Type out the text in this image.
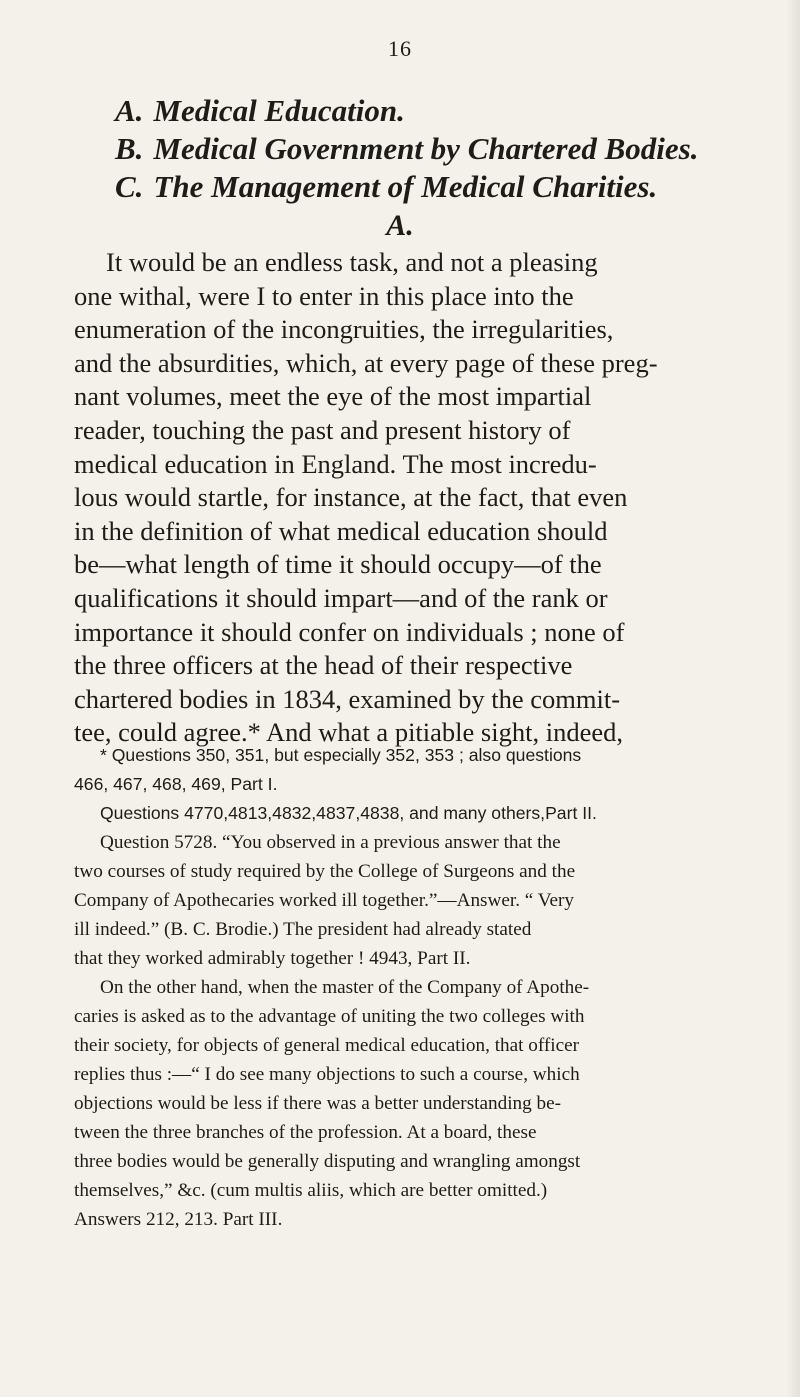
16
A. Medical Education.
B. Medical Government by Chartered Bodies.
C. The Management of Medical Charities.
A.
It would be an endless task, and not a pleasing
one withal, were I to enter in this place into the
enumeration of the incongruities, the irregularities,
and the absurdities, which, at every page of these preg-
nant volumes, meet the eye of the most impartial
reader, touching the past and present history of
medical education in England. The most incredu-
lous would startle, for instance, at the fact, that even
in the definition of what medical education should
be—what length of time it should occupy—of the
qualifications it should impart—and of the rank or
importance it should confer on individuals ; none of
the three officers at the head of their respective
chartered bodies in 1834, examined by the commit-
tee, could agree.* And what a pitiable sight, indeed,
* Questions 350, 351, but especially 352, 353 ; also questions
466, 467, 468, 469, Part I.
Questions 4770,4813,4832,4837,4838, and many others,Part II.
Question 5728. “You observed in a previous answer that the
two courses of study required by the College of Surgeons and the
Company of Apothecaries worked ill together.”—Answer. “ Very
ill indeed.” (B. C. Brodie.) The president had already stated
that they worked admirably together ! 4943, Part II.
On the other hand, when the master of the Company of Apothe-
caries is asked as to the advantage of uniting the two colleges with
their society, for objects of general medical education, that officer
replies thus :—“ I do see many objections to such a course, which
objections would be less if there was a better understanding be-
tween the three branches of the profession. At a board, these
three bodies would be generally disputing and wrangling amongst
themselves,” &c. (cum multis aliis, which are better omitted.)
Answers 212, 213. Part III.
